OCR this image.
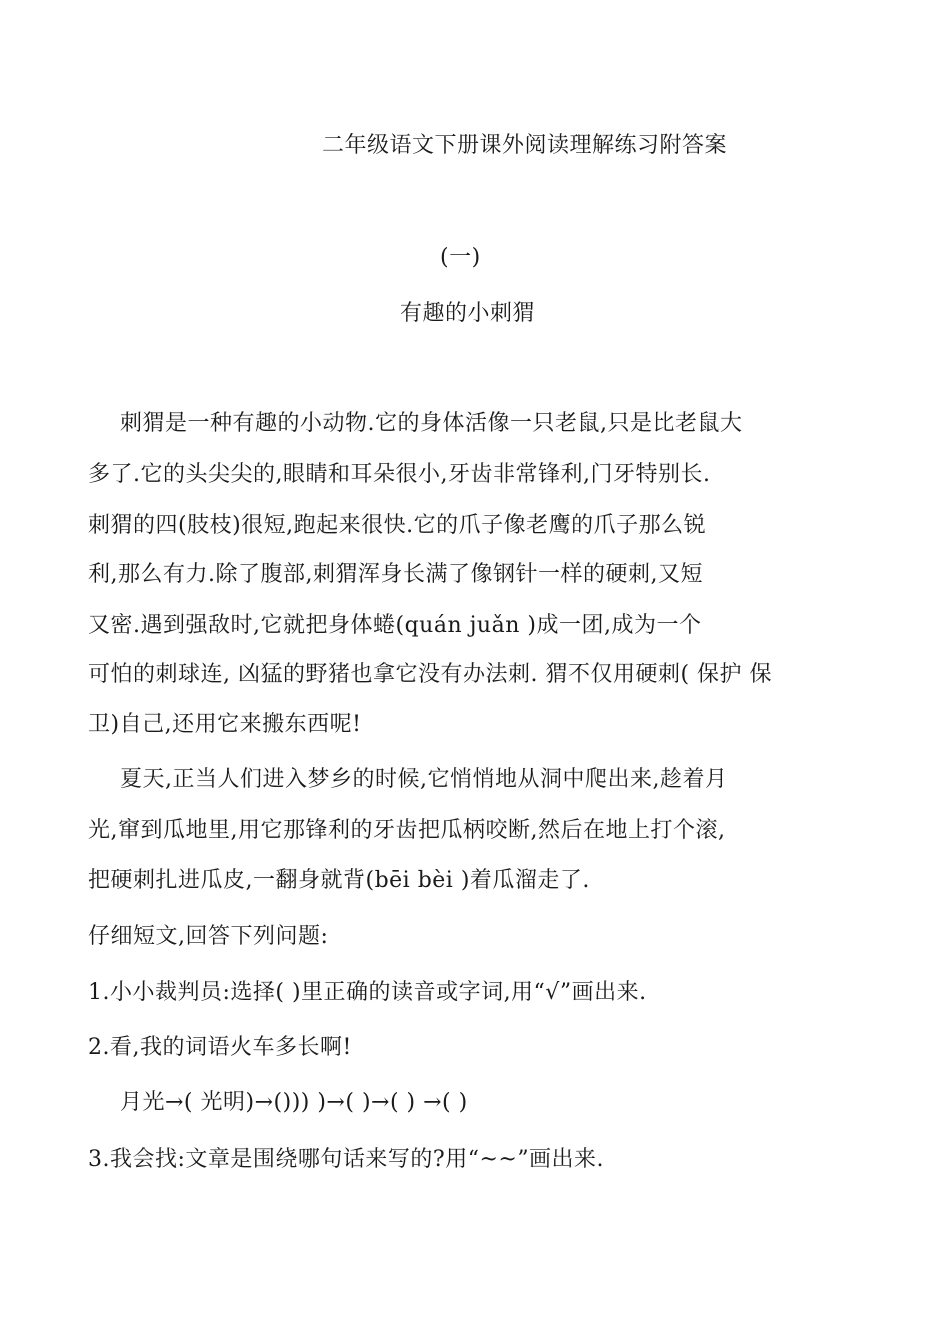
二年级语文下册课外阅读理解练习附答案
(一)
有趣的小刺猬
刺猬是一种有趣的小动物.它的身体活像一只老鼠,只是比老鼠大
多了.它的头尖尖的,眼睛和耳朵很小,牙齿非常锋利,门牙特别长.
刺猬的四(肢枝)很短,跑起来很快.它的爪子像老鹰的爪子那么锐
利,那么有力.除了腹部,刺猬浑身长满了像钢针一样的硬刺,又短
又密.遇到强敌时,它就把身体蜷(quán juǎn )成一团,成为一个
可怕的刺球连, 凶猛的野猪也拿它没有办法刺. 猬不仅用硬刺( 保护 保
卫)自己,还用它来搬东西呢!
夏天,正当人们进入梦乡的时候,它悄悄地从洞中爬出来,趁着月
光,窜到瓜地里,用它那锋利的牙齿把瓜柄咬断,然后在地上打个滚,
把硬刺扎进瓜皮,一翻身就背(bēi bèi )着瓜溜走了.
仔细短文,回答下列问题:
1.小小裁判员:选择( )里正确的读音或字词,用“√”画出来.
2.看,我的词语火车多长啊!
月光→( 光明)→())) )→( )→( ) →( )
3.我会找:文章是围绕哪句话来写的?用“~~”画出来.
